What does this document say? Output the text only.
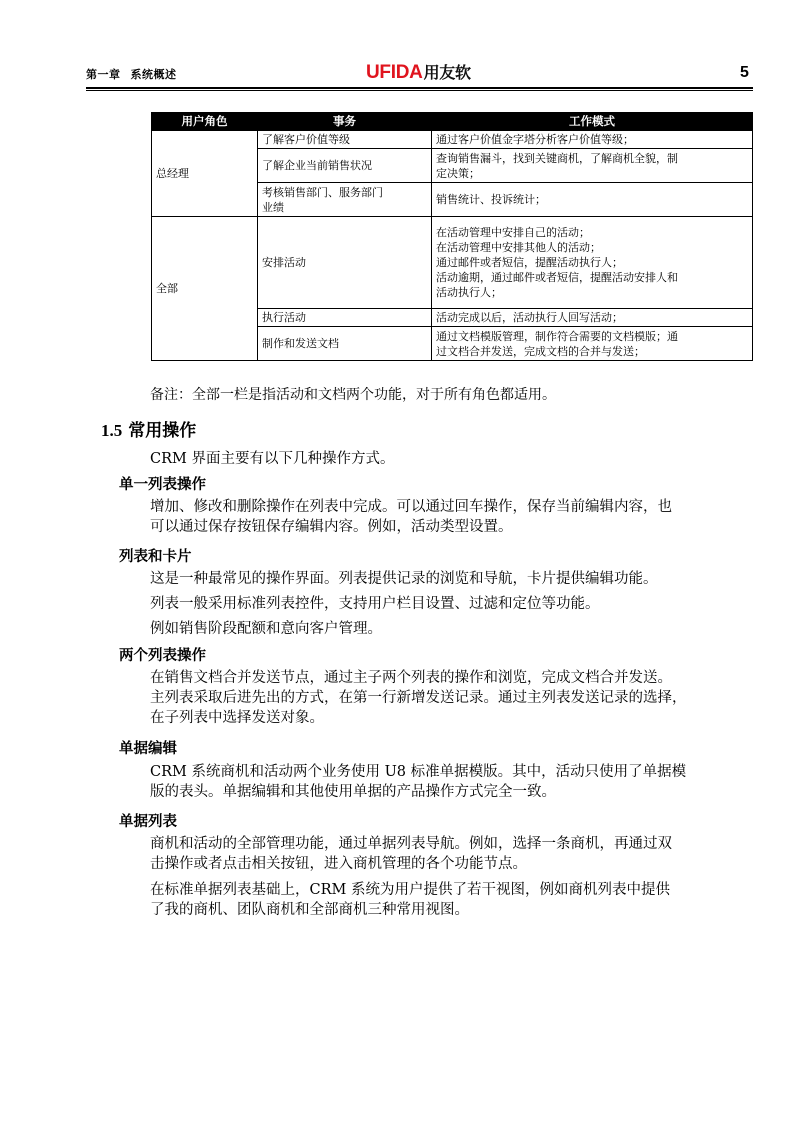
第一章 系统概述	UFIDA用友软	5
用户角色	事务	工作模式
总经理	了解客户价值等级	通过客户价值金字塔分析客户价值等级；

	了解企业当前销售状况	查询销售漏斗，找到关键商机，了解商机全貌，制
定决策；

	考核销售部门、服务部门
业绩	销售统计、投诉统计；

全部	安排活动	在活动管理中安排自己的活动；
在活动管理中安排其他人的活动；
通过邮件或者短信，提醒活动执行人；
活动逾期，通过邮件或者短信，提醒活动安排人和
活动执行人；

	执行活动	活动完成以后，活动执行人回写活动；

	制作和发送文档	通过文档模版管理，制作符合需要的文档模版；通
过文档合并发送，完成文档的合并与发送；
备注：全部一栏是指活动和文档两个功能，对于所有角色都适用。
1.5 常用操作
CRM 界面主要有以下几种操作方式。
单一列表操作
增加、修改和删除操作在列表中完成。可以通过回车操作，保存当前编辑内容，也
可以通过保存按钮保存编辑内容。例如，活动类型设置。
列表和卡片
这是一种最常见的操作界面。列表提供记录的浏览和导航，卡片提供编辑功能。
列表一般采用标准列表控件，支持用户栏目设置、过滤和定位等功能。
例如销售阶段配额和意向客户管理。
两个列表操作
在销售文档合并发送节点，通过主子两个列表的操作和浏览，完成文档合并发送。
主列表采取后进先出的方式，在第一行新增发送记录。通过主列表发送记录的选择，
在子列表中选择发送对象。
单据编辑
CRM 系统商机和活动两个业务使用 U8 标准单据模版。其中，活动只使用了单据模
版的表头。单据编辑和其他使用单据的产品操作方式完全一致。
单据列表
商机和活动的全部管理功能，通过单据列表导航。例如，选择一条商机，再通过双
击操作或者点击相关按钮，进入商机管理的各个功能节点。
在标准单据列表基础上，CRM 系统为用户提供了若干视图，例如商机列表中提供
了我的商机、团队商机和全部商机三种常用视图。
